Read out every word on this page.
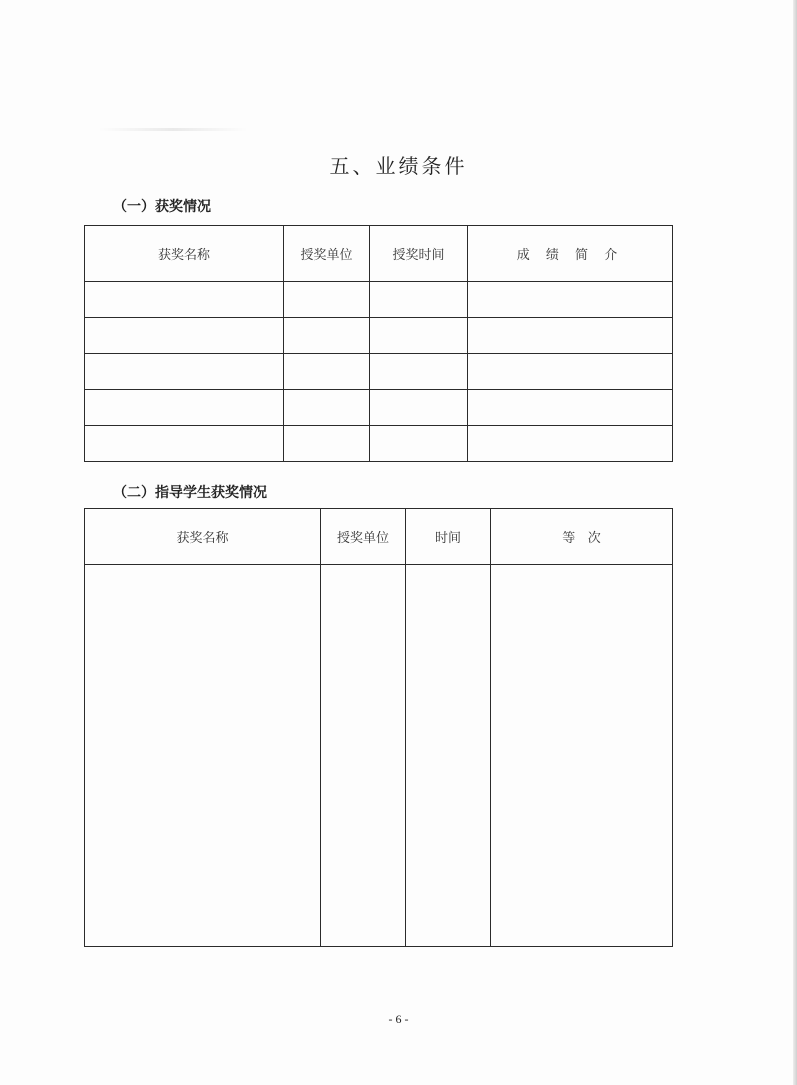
五、业绩条件
（一）获奖情况
获奖名称	授奖单位	授奖时间	成 绩 简 介

（二）指导学生获奖情况
获奖名称	授奖单位	时间	等   次

- 6 -
